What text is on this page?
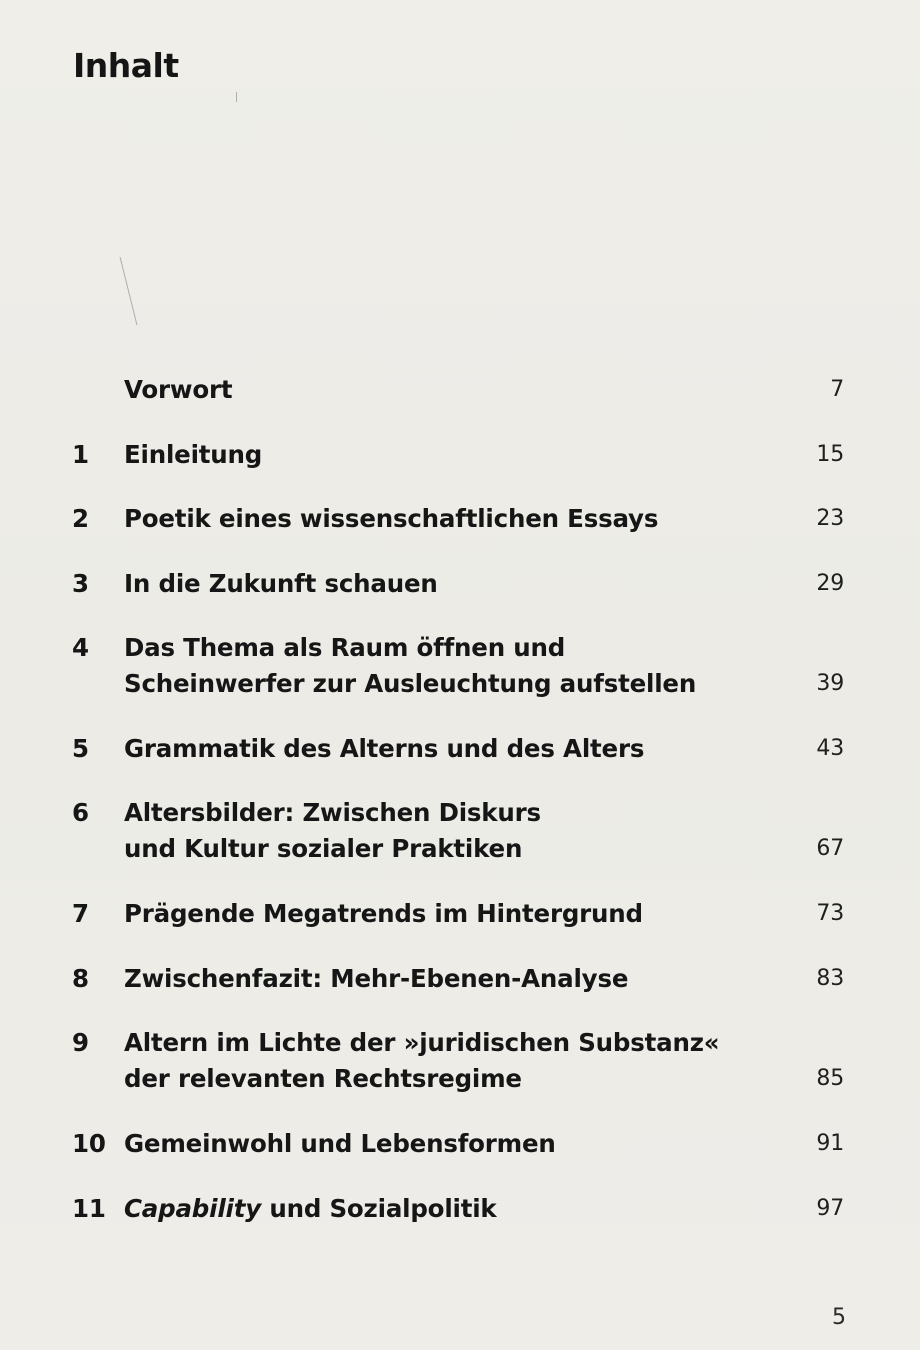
Inhalt
Vorwort	7
1	Einleitung	15
2	Poetik eines wissenschaftlichen Essays	23
3	In die Zukunft schauen	29
4	Das Thema als Raum öffnen und
Scheinwerfer zur Ausleuchtung aufstellen	39
5	Grammatik des Alterns und des Alters	43
6	Altersbilder: Zwischen Diskurs
und Kultur sozialer Praktiken	67
7	Prägende Megatrends im Hintergrund	73
8	Zwischenfazit: Mehr-Ebenen-Analyse	83
9	Altern im Lichte der »juridischen Substanz«
der relevanten Rechtsregime	85
10 Gemeinwohl und Lebensformen	91
11 Capability und Sozialpolitik	97
5
